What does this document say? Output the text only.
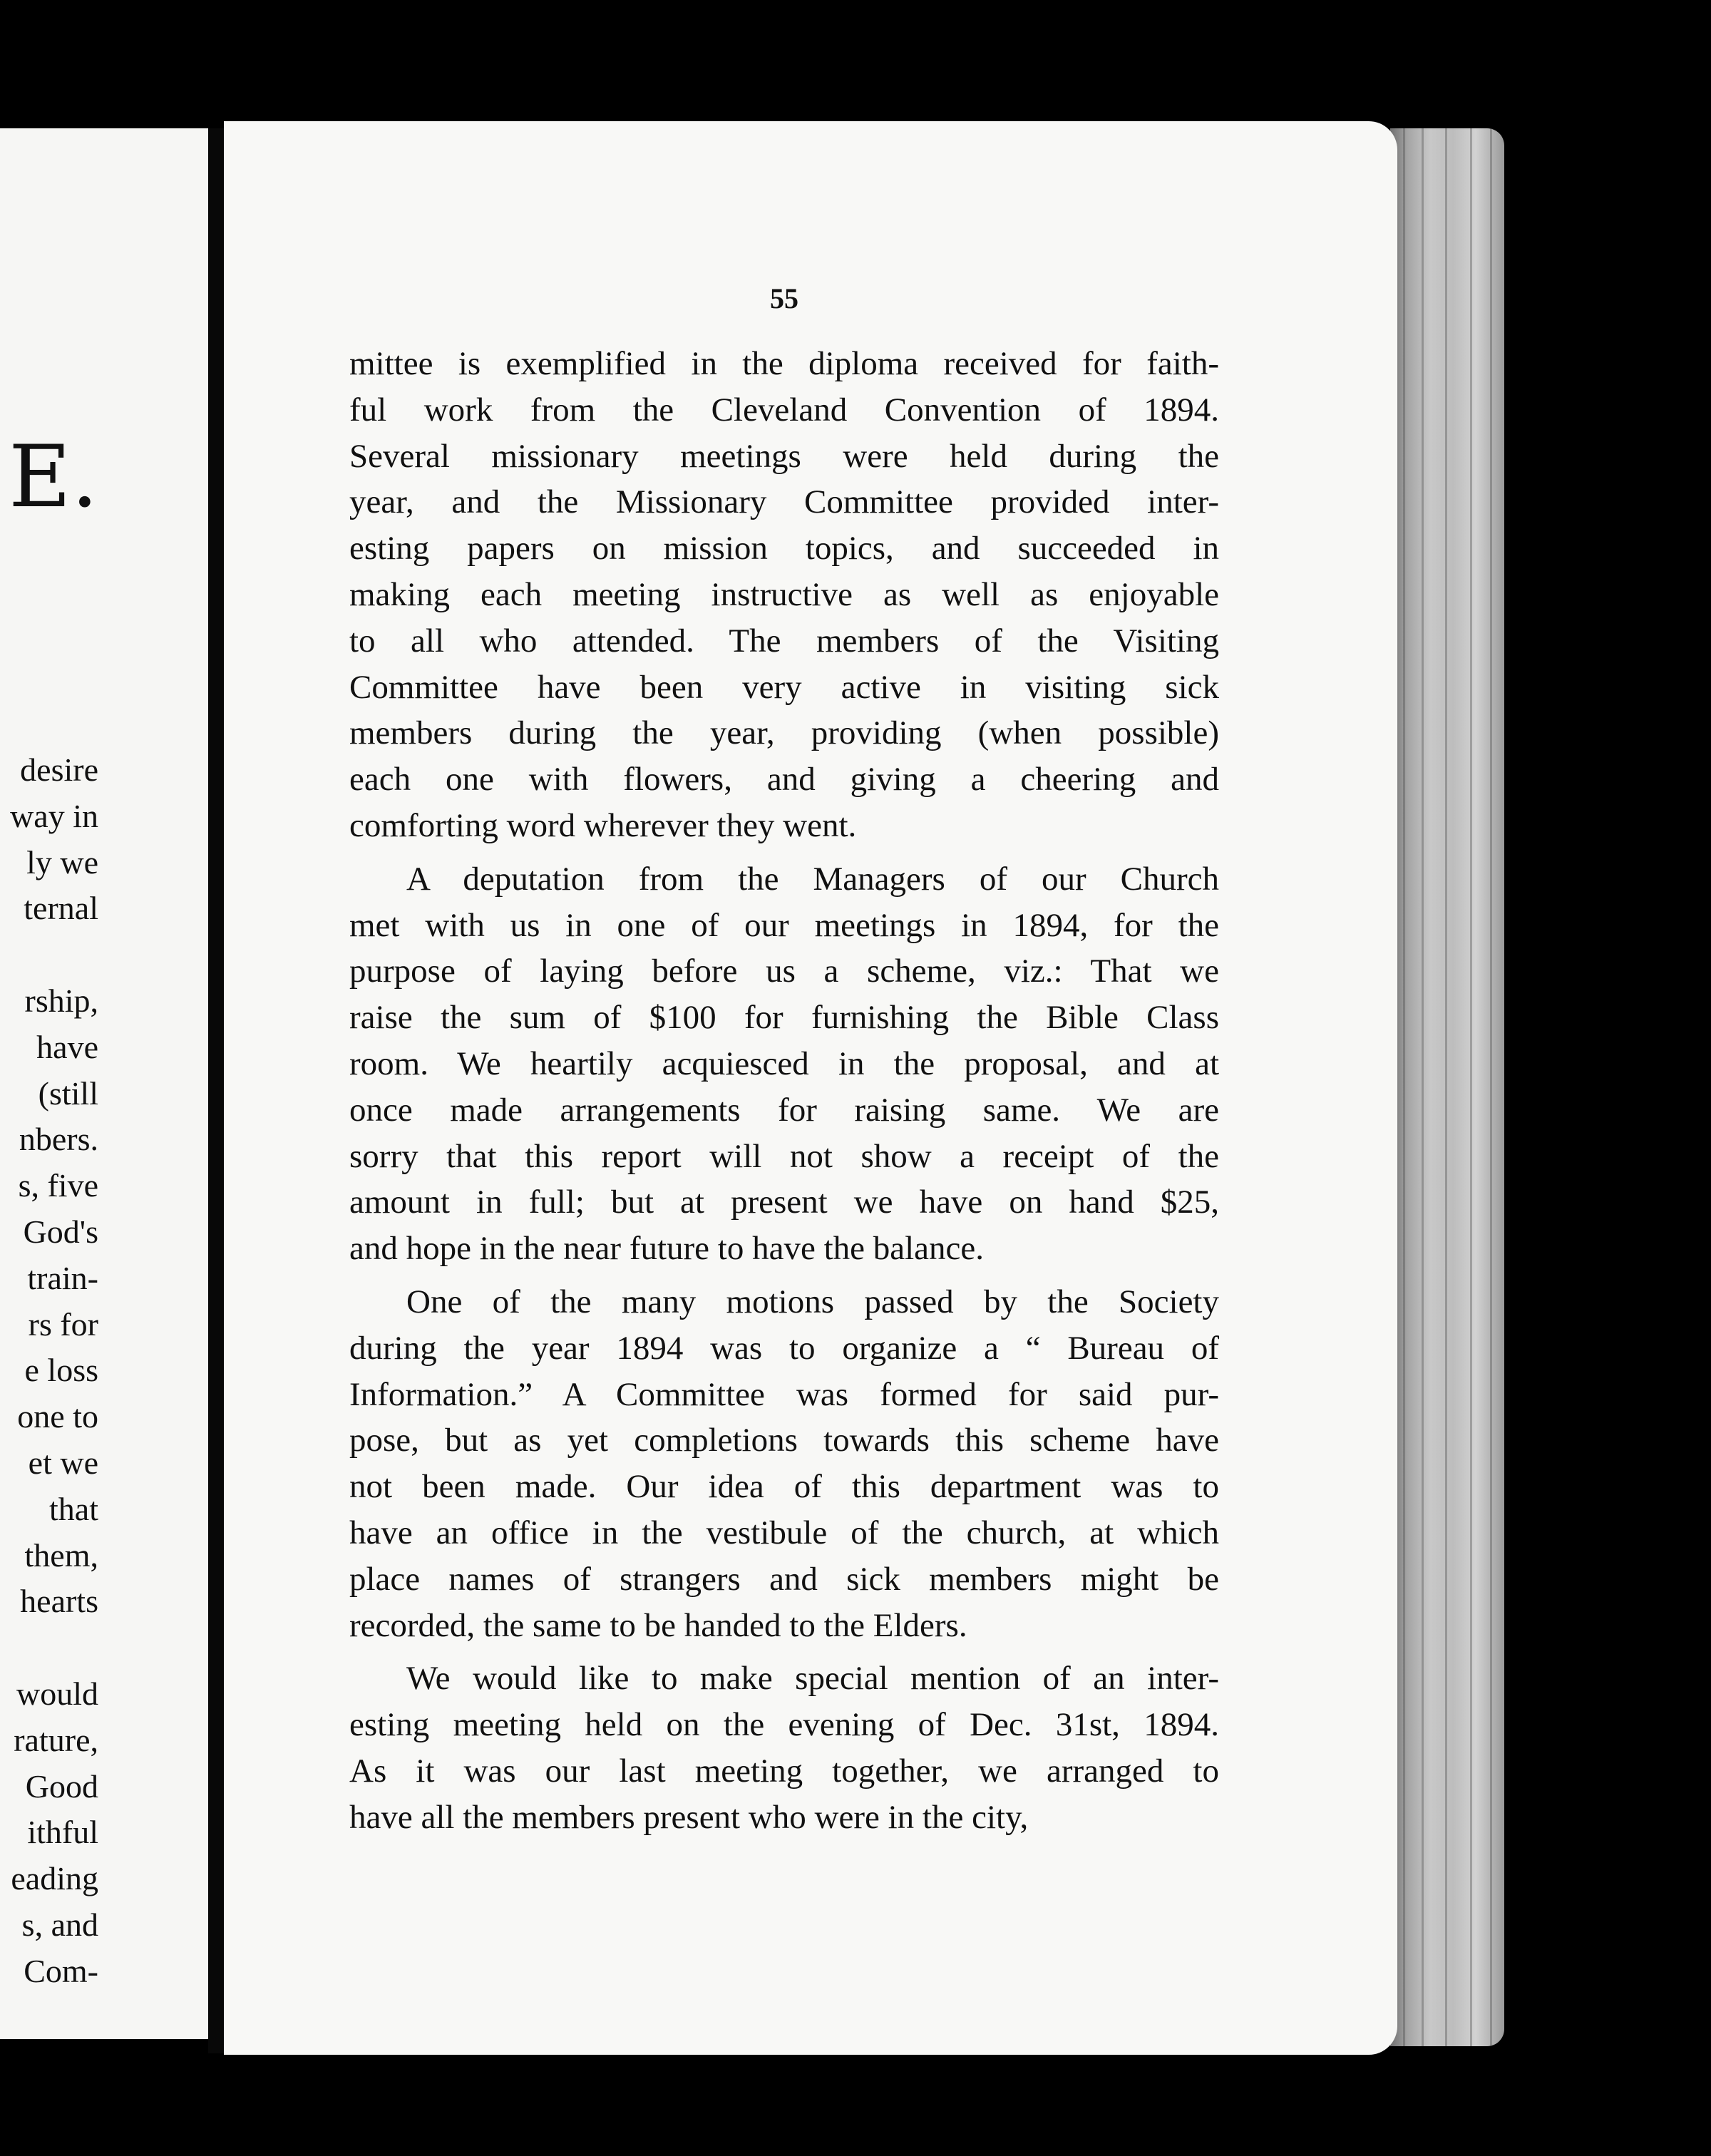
E.
desire
way in
ly we
ternal
rship,
have
(still
nbers.
s, five
God's
train-
rs for
e loss
one to
et we
that
them,
hearts
would
rature,
Good
ithful
eading
s, and
Com-
55
mittee is exemplified in the diploma received for faith-
ful work from the Cleveland Convention of 1894.
Several missionary meetings were held during the
year, and the Missionary Committee provided inter-
esting papers on mission topics, and succeeded in
making each meeting instructive as well as enjoyable
to all who attended. The members of the Visiting
Committee have been very active in visiting sick
members during the year, providing (when possible)
each one with flowers, and giving a cheering and
comforting word wherever they went.
A deputation from the Managers of our Church
met with us in one of our meetings in 1894, for the
purpose of laying before us a scheme, viz.: That we
raise the sum of $100 for furnishing the Bible Class
room. We heartily acquiesced in the proposal, and at
once made arrangements for raising same. We are
sorry that this report will not show a receipt of the
amount in full; but at present we have on hand $25,
and hope in the near future to have the balance.
One of the many motions passed by the Society
during the year 1894 was to organize a “ Bureau of
Information.” A Committee was formed for said pur-
pose, but as yet completions towards this scheme have
not been made. Our idea of this department was to
have an office in the vestibule of the church, at which
place names of strangers and sick members might be
recorded, the same to be handed to the Elders.
We would like to make special mention of an inter-
esting meeting held on the evening of Dec. 31st, 1894.
As it was our last meeting together, we arranged to
have all the members present who were in the city,
